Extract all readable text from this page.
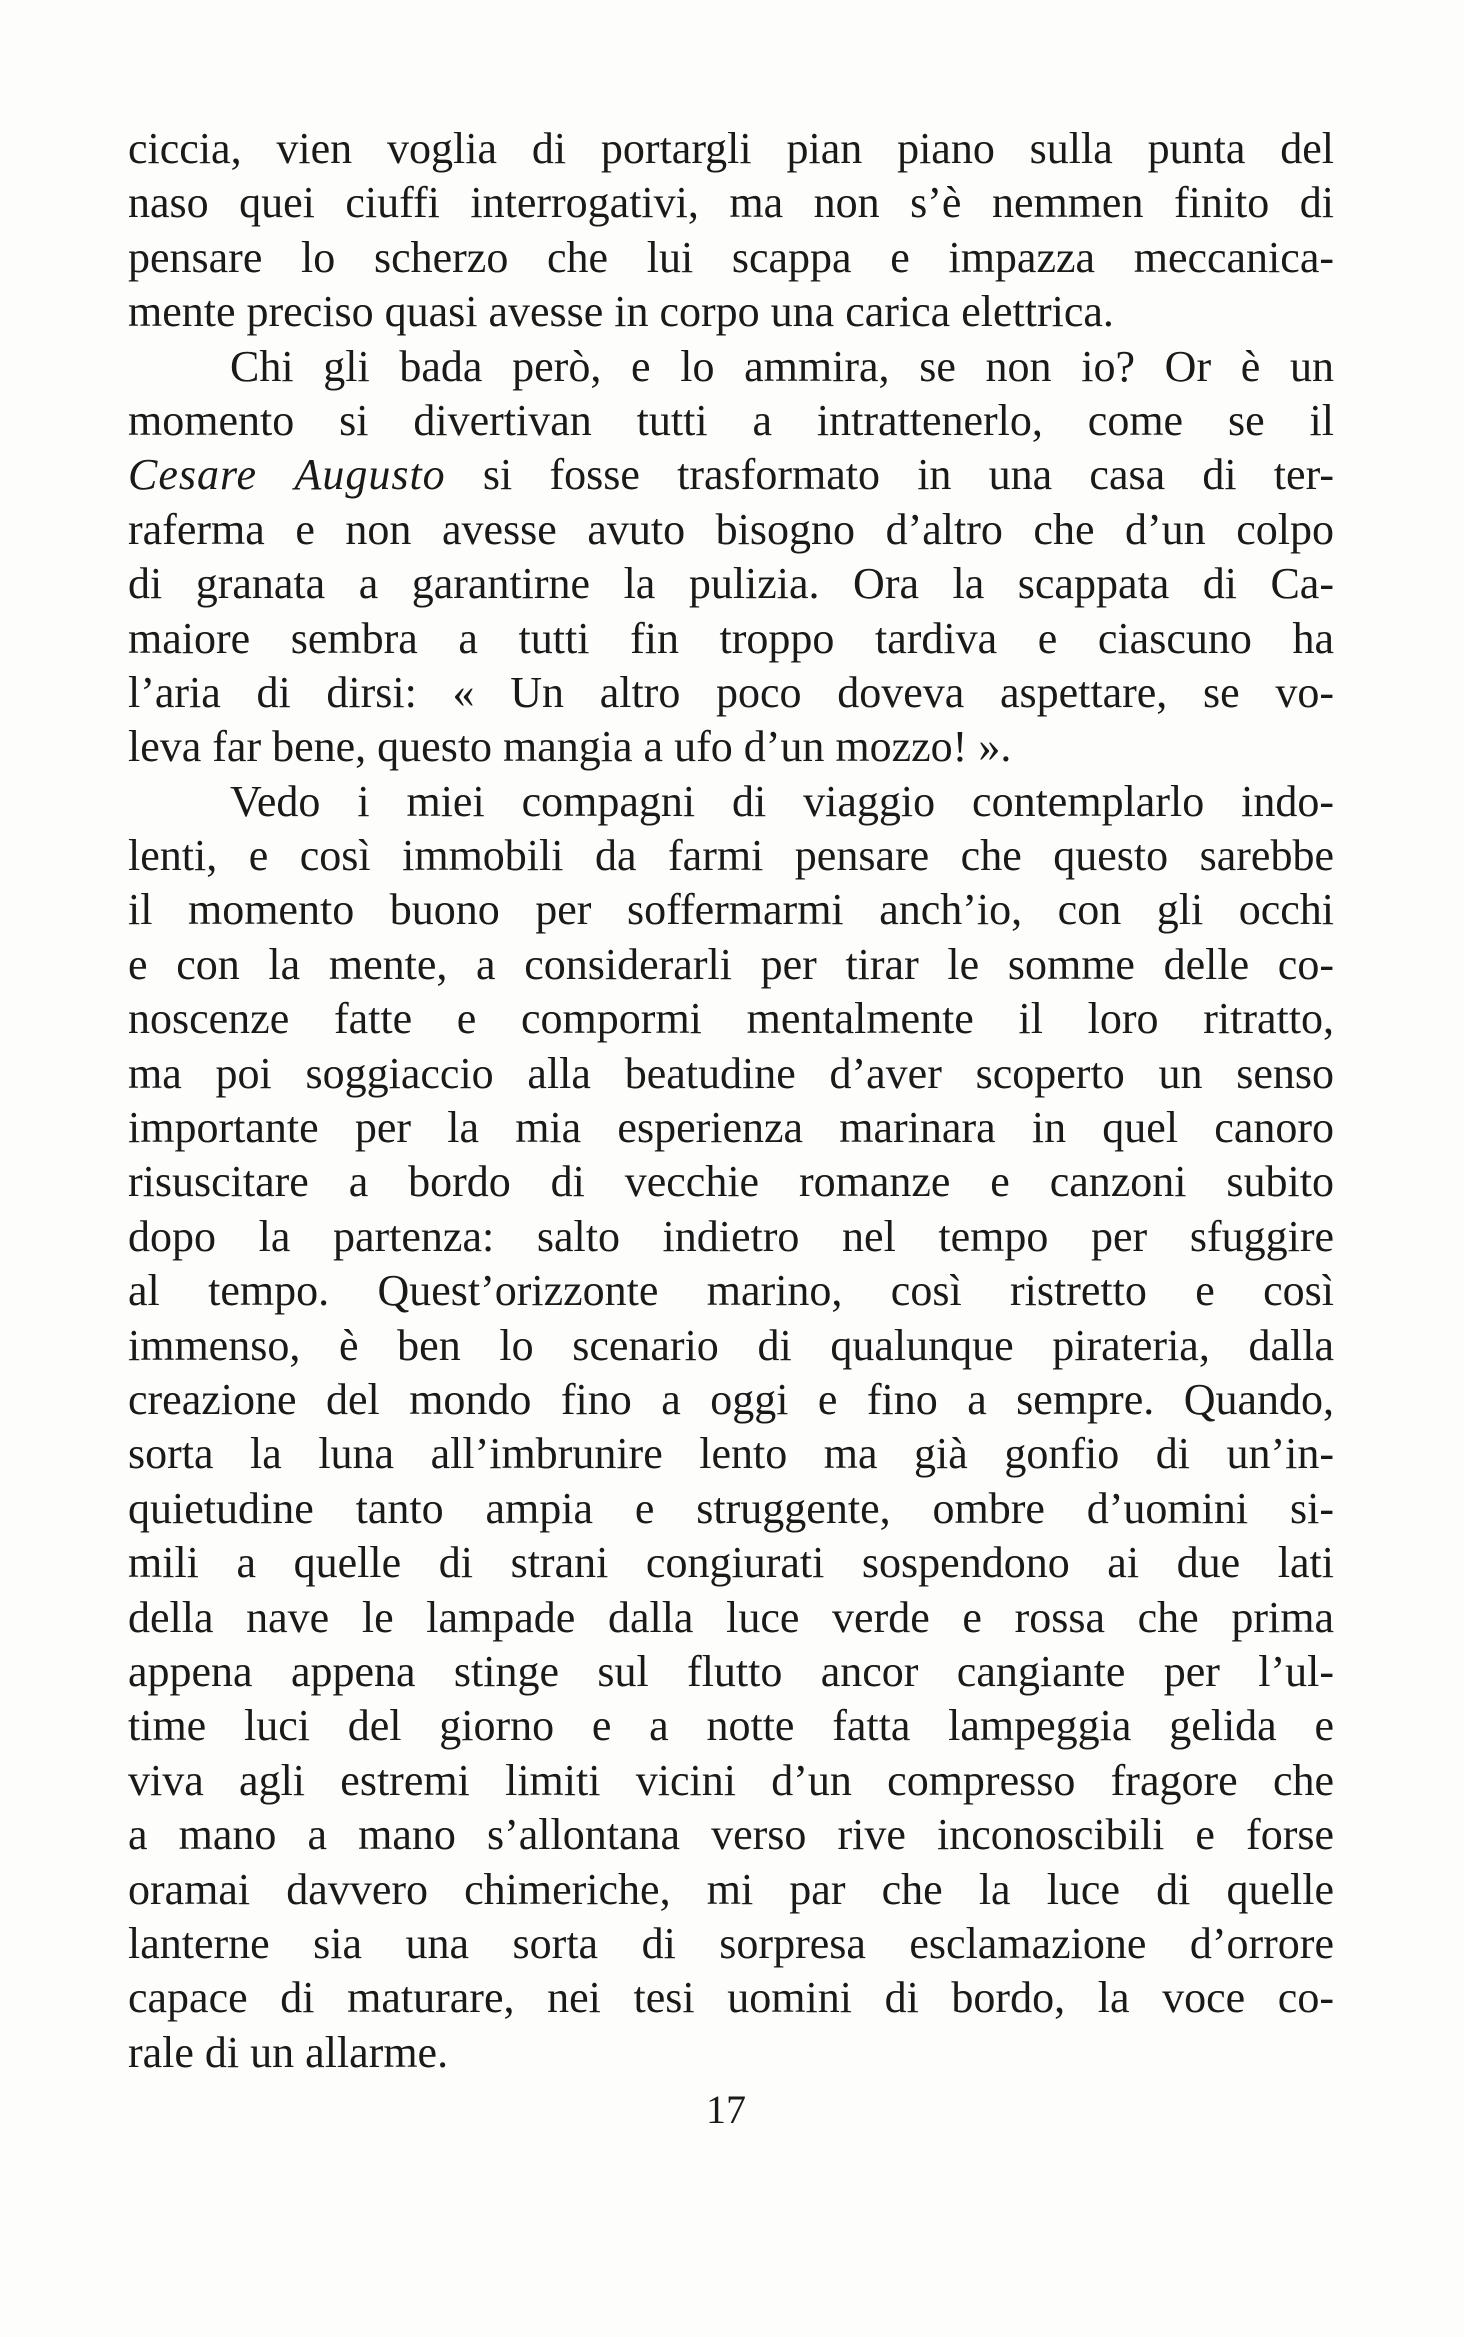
ciccia, vien voglia di portargli pian piano sulla punta del
naso quei ciuffi interrogativi, ma non s’è nemmen finito di
pensare lo scherzo che lui scappa e impazza meccanica-
mente preciso quasi avesse in corpo una carica elettrica.
Chi gli bada però, e lo ammira, se non io? Or è un
momento si divertivan tutti a intrattenerlo, come se il
Cesare Augusto si fosse trasformato in una casa di ter-
raferma e non avesse avuto bisogno d’altro che d’un colpo
di granata a garantirne la pulizia. Ora la scappata di Ca-
maiore sembra a tutti fin troppo tardiva e ciascuno ha
l’aria di dirsi: « Un altro poco doveva aspettare, se vo-
leva far bene, questo mangia a ufo d’un mozzo! ».
Vedo i miei compagni di viaggio contemplarlo indo-
lenti, e così immobili da farmi pensare che questo sarebbe
il momento buono per soffermarmi anch’io, con gli occhi
e con la mente, a considerarli per tirar le somme delle co-
noscenze fatte e compormi mentalmente il loro ritratto,
ma poi soggiaccio alla beatudine d’aver scoperto un senso
importante per la mia esperienza marinara in quel canoro
risuscitare a bordo di vecchie romanze e canzoni subito
dopo la partenza: salto indietro nel tempo per sfuggire
al tempo. Quest’orizzonte marino, così ristretto e così
immenso, è ben lo scenario di qualunque pirateria, dalla
creazione del mondo fino a oggi e fino a sempre. Quando,
sorta la luna all’imbrunire lento ma già gonfio di un’in-
quietudine tanto ampia e struggente, ombre d’uomini si-
mili a quelle di strani congiurati sospendono ai due lati
della nave le lampade dalla luce verde e rossa che prima
appena appena stinge sul flutto ancor cangiante per l’ul-
time luci del giorno e a notte fatta lampeggia gelida e
viva agli estremi limiti vicini d’un compresso fragore che
a mano a mano s’allontana verso rive inconoscibili e forse
oramai davvero chimeriche, mi par che la luce di quelle
lanterne sia una sorta di sorpresa esclamazione d’orrore
capace di maturare, nei tesi uomini di bordo, la voce co-
rale di un allarme.
17
